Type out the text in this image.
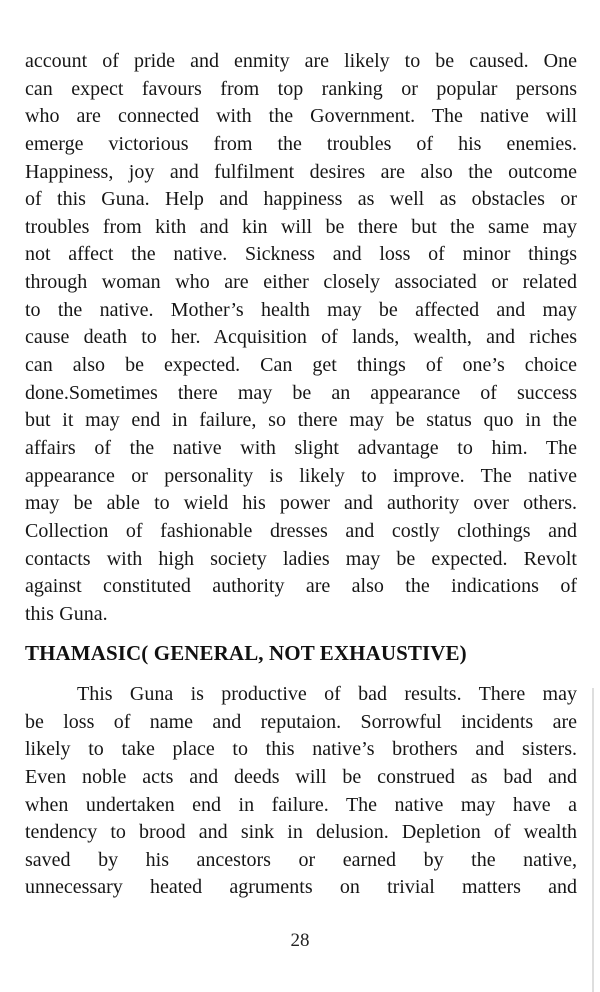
account of pride and enmity are likely to be caused. One
can expect favours from top ranking or popular persons
who are connected with the Government. The native will
emerge victorious from the troubles of his enemies.
Happiness, joy and fulfilment desires are also the outcome
of this Guna. Help and happiness as well as obstacles or
troubles from kith and kin will be there but the same may
not affect the native. Sickness and loss of minor things
through woman who are either closely associated or related
to the native. Mother’s health may be affected and may
cause death to her. Acquisition of lands, wealth, and riches
can also be expected. Can get things of one’s choice
done.Sometimes there may be an appearance of success
but it may end in failure, so there may be status quo in the
affairs of the native with slight advantage to him. The
appearance or personality is likely to improve. The native
may be able to wield his power and authority over others.
Collection of fashionable dresses and costly clothings and
contacts with high society ladies may be expected. Revolt
against constituted authority are also the indications of
this Guna.
THAMASIC( GENERAL, NOT EXHAUSTIVE)
This Guna is productive of bad results. There may
be loss of name and reputaion. Sorrowful incidents are
likely to take place to this native’s brothers and sisters.
Even noble acts and deeds will be construed as bad and
when undertaken end in failure. The native may have a
tendency to brood and sink in delusion. Depletion of wealth
saved by his ancestors or earned by the native,
unnecessary heated agruments on trivial matters and
28
